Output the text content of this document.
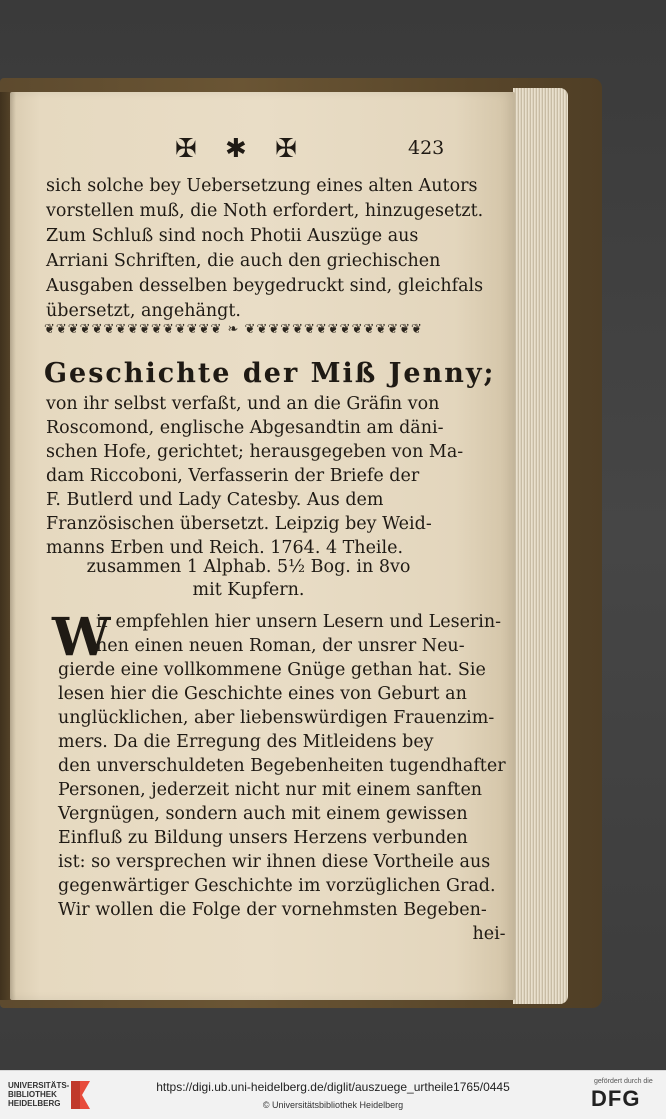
✠ ✱ ✠	423
sich solche bey Uebersetzung eines alten Autors
vorstellen muß, die Noth erfordert, hinzugesetzt.
Zum Schluß sind noch Photii Auszüge aus
Arriani Schriften, die auch den griechischen
Ausgaben desselben beygedruckt sind, gleichfals
übersetzt, angehängt.
❦❦❦❦❦❦❦❦❦❦❦❦❦❦❦ ❧ ❦❦❦❦❦❦❦❦❦❦❦❦❦❦❦
Geschichte der Miß Jenny;
von ihr selbst verfaßt, und an die Gräfin von
Roscomond, englische Abgesandtin am däni-
schen Hofe, gerichtet; herausgegeben von Ma-
dam Riccoboni, Verfasserin der Briefe der
F. Butlerd und Lady Catesby. Aus dem
Französischen übersetzt. Leipzig bey Weid-
manns Erben und Reich. 1764. 4 Theile.
zusammen 1 Alphab. 5½ Bog. in 8vo
mit Kupfern.
W
ir empfehlen hier unsern Lesern und Leserin-
nen einen neuen Roman, der unsrer Neu-
gierde eine vollkommene Gnüge gethan hat. Sie
lesen hier die Geschichte eines von Geburt an
unglücklichen, aber liebenswürdigen Frauenzim-
mers. Da die Erregung des Mitleidens bey
den unverschuldeten Begebenheiten tugendhafter
Personen, jederzeit nicht nur mit einem sanften
Vergnügen, sondern auch mit einem gewissen
Einfluß zu Bildung unsers Herzens verbunden
ist: so versprechen wir ihnen diese Vortheile aus
gegenwärtiger Geschichte im vorzüglichen Grad.
Wir wollen die Folge der vornehmsten Begeben-
hei-
UNIVERSITÄTS-
BIBLIOTHEK
HEIDELBERG
https://digi.ub.uni-heidelberg.de/diglit/auszuege_urtheile1765/0445
© Universitätsbibliothek Heidelberg
gefördert durch die
DFG
